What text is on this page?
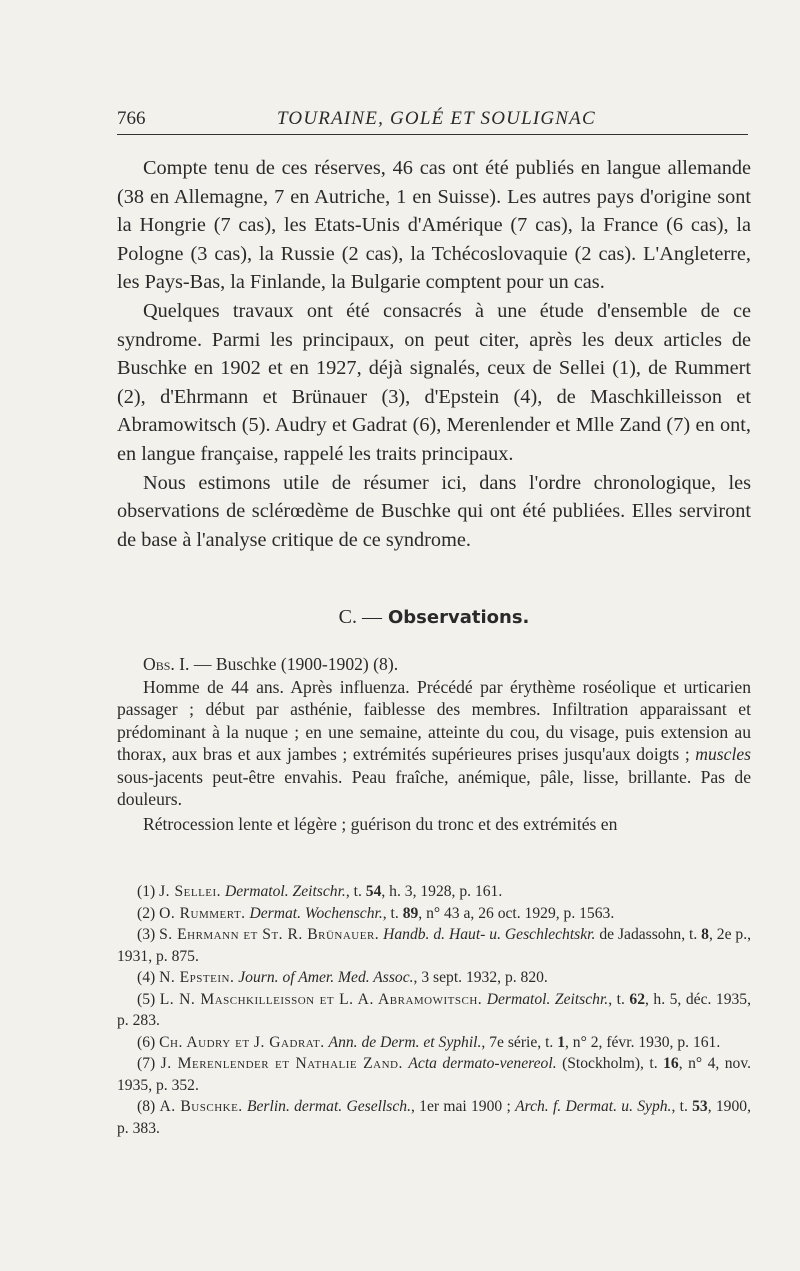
766	TOURAINE, GOLÉ ET SOULIGNAC

Compte tenu de ces réserves, 46 cas ont été publiés en langue allemande (38 en Allemagne, 7 en Autriche, 1 en Suisse). Les autres pays d'origine sont la Hongrie (7 cas), les Etats-Unis d'Amérique (7 cas), la France (6 cas), la Pologne (3 cas), la Russie (2 cas), la Tchécoslovaquie (2 cas). L'Angleterre, les Pays-Bas, la Finlande, la Bulgarie comptent pour un cas.

Quelques travaux ont été consacrés à une étude d'ensemble de ce syndrome. Parmi les principaux, on peut citer, après les deux articles de Buschke en 1902 et en 1927, déjà signalés, ceux de Sellei (1), de Rummert (2), d'Ehrmann et Brünauer (3), d'Epstein (4), de Maschkilleisson et Abramowitsch (5). Audry et Gadrat (6), Merenlender et Mlle Zand (7) en ont, en langue française, rappelé les traits principaux.

Nous estimons utile de résumer ici, dans l'ordre chronologique, les observations de sclérœdème de Buschke qui ont été publiées. Elles serviront de base à l'analyse critique de ce syndrome.

C. — Observations.

Obs. I. — Buschke (1900-1902) (8).

Homme de 44 ans. Après influenza. Précédé par érythème roséolique et urticarien passager ; début par asthénie, faiblesse des membres. Infiltration apparaissant et prédominant à la nuque ; en une semaine, atteinte du cou, du visage, puis extension au thorax, aux bras et aux jambes ; extrémités supérieures prises jusqu'aux doigts ; muscles sous-jacents peut-être envahis. Peau fraîche, anémique, pâle, lisse, brillante. Pas de douleurs.

Rétrocession lente et légère ; guérison du tronc et des extrémités en

(1) J. Sellei. Dermatol. Zeitschr., t. 54, h. 3, 1928, p. 161.

(2) O. Rummert. Dermat. Wochenschr., t. 89, n° 43 a, 26 oct. 1929, p. 1563.

(3) S. Ehrmann et St. R. Brünauer. Handb. d. Haut- u. Geschlechtskr. de Jadassohn, t. 8, 2e p., 1931, p. 875.

(4) N. Epstein. Journ. of Amer. Med. Assoc., 3 sept. 1932, p. 820.

(5) L. N. Maschkilleisson et L. A. Abramowitsch. Dermatol. Zeitschr., t. 62, h. 5, déc. 1935, p. 283.

(6) Ch. Audry et J. Gadrat. Ann. de Derm. et Syphil., 7e série, t. 1, n° 2, févr. 1930, p. 161.

(7) J. Merenlender et Nathalie Zand. Acta dermato-venereol. (Stockholm), t. 16, n° 4, nov. 1935, p. 352.

(8) A. Buschke. Berlin. dermat. Gesellsch., 1er mai 1900 ; Arch. f. Dermat. u. Syph., t. 53, 1900, p. 383.
